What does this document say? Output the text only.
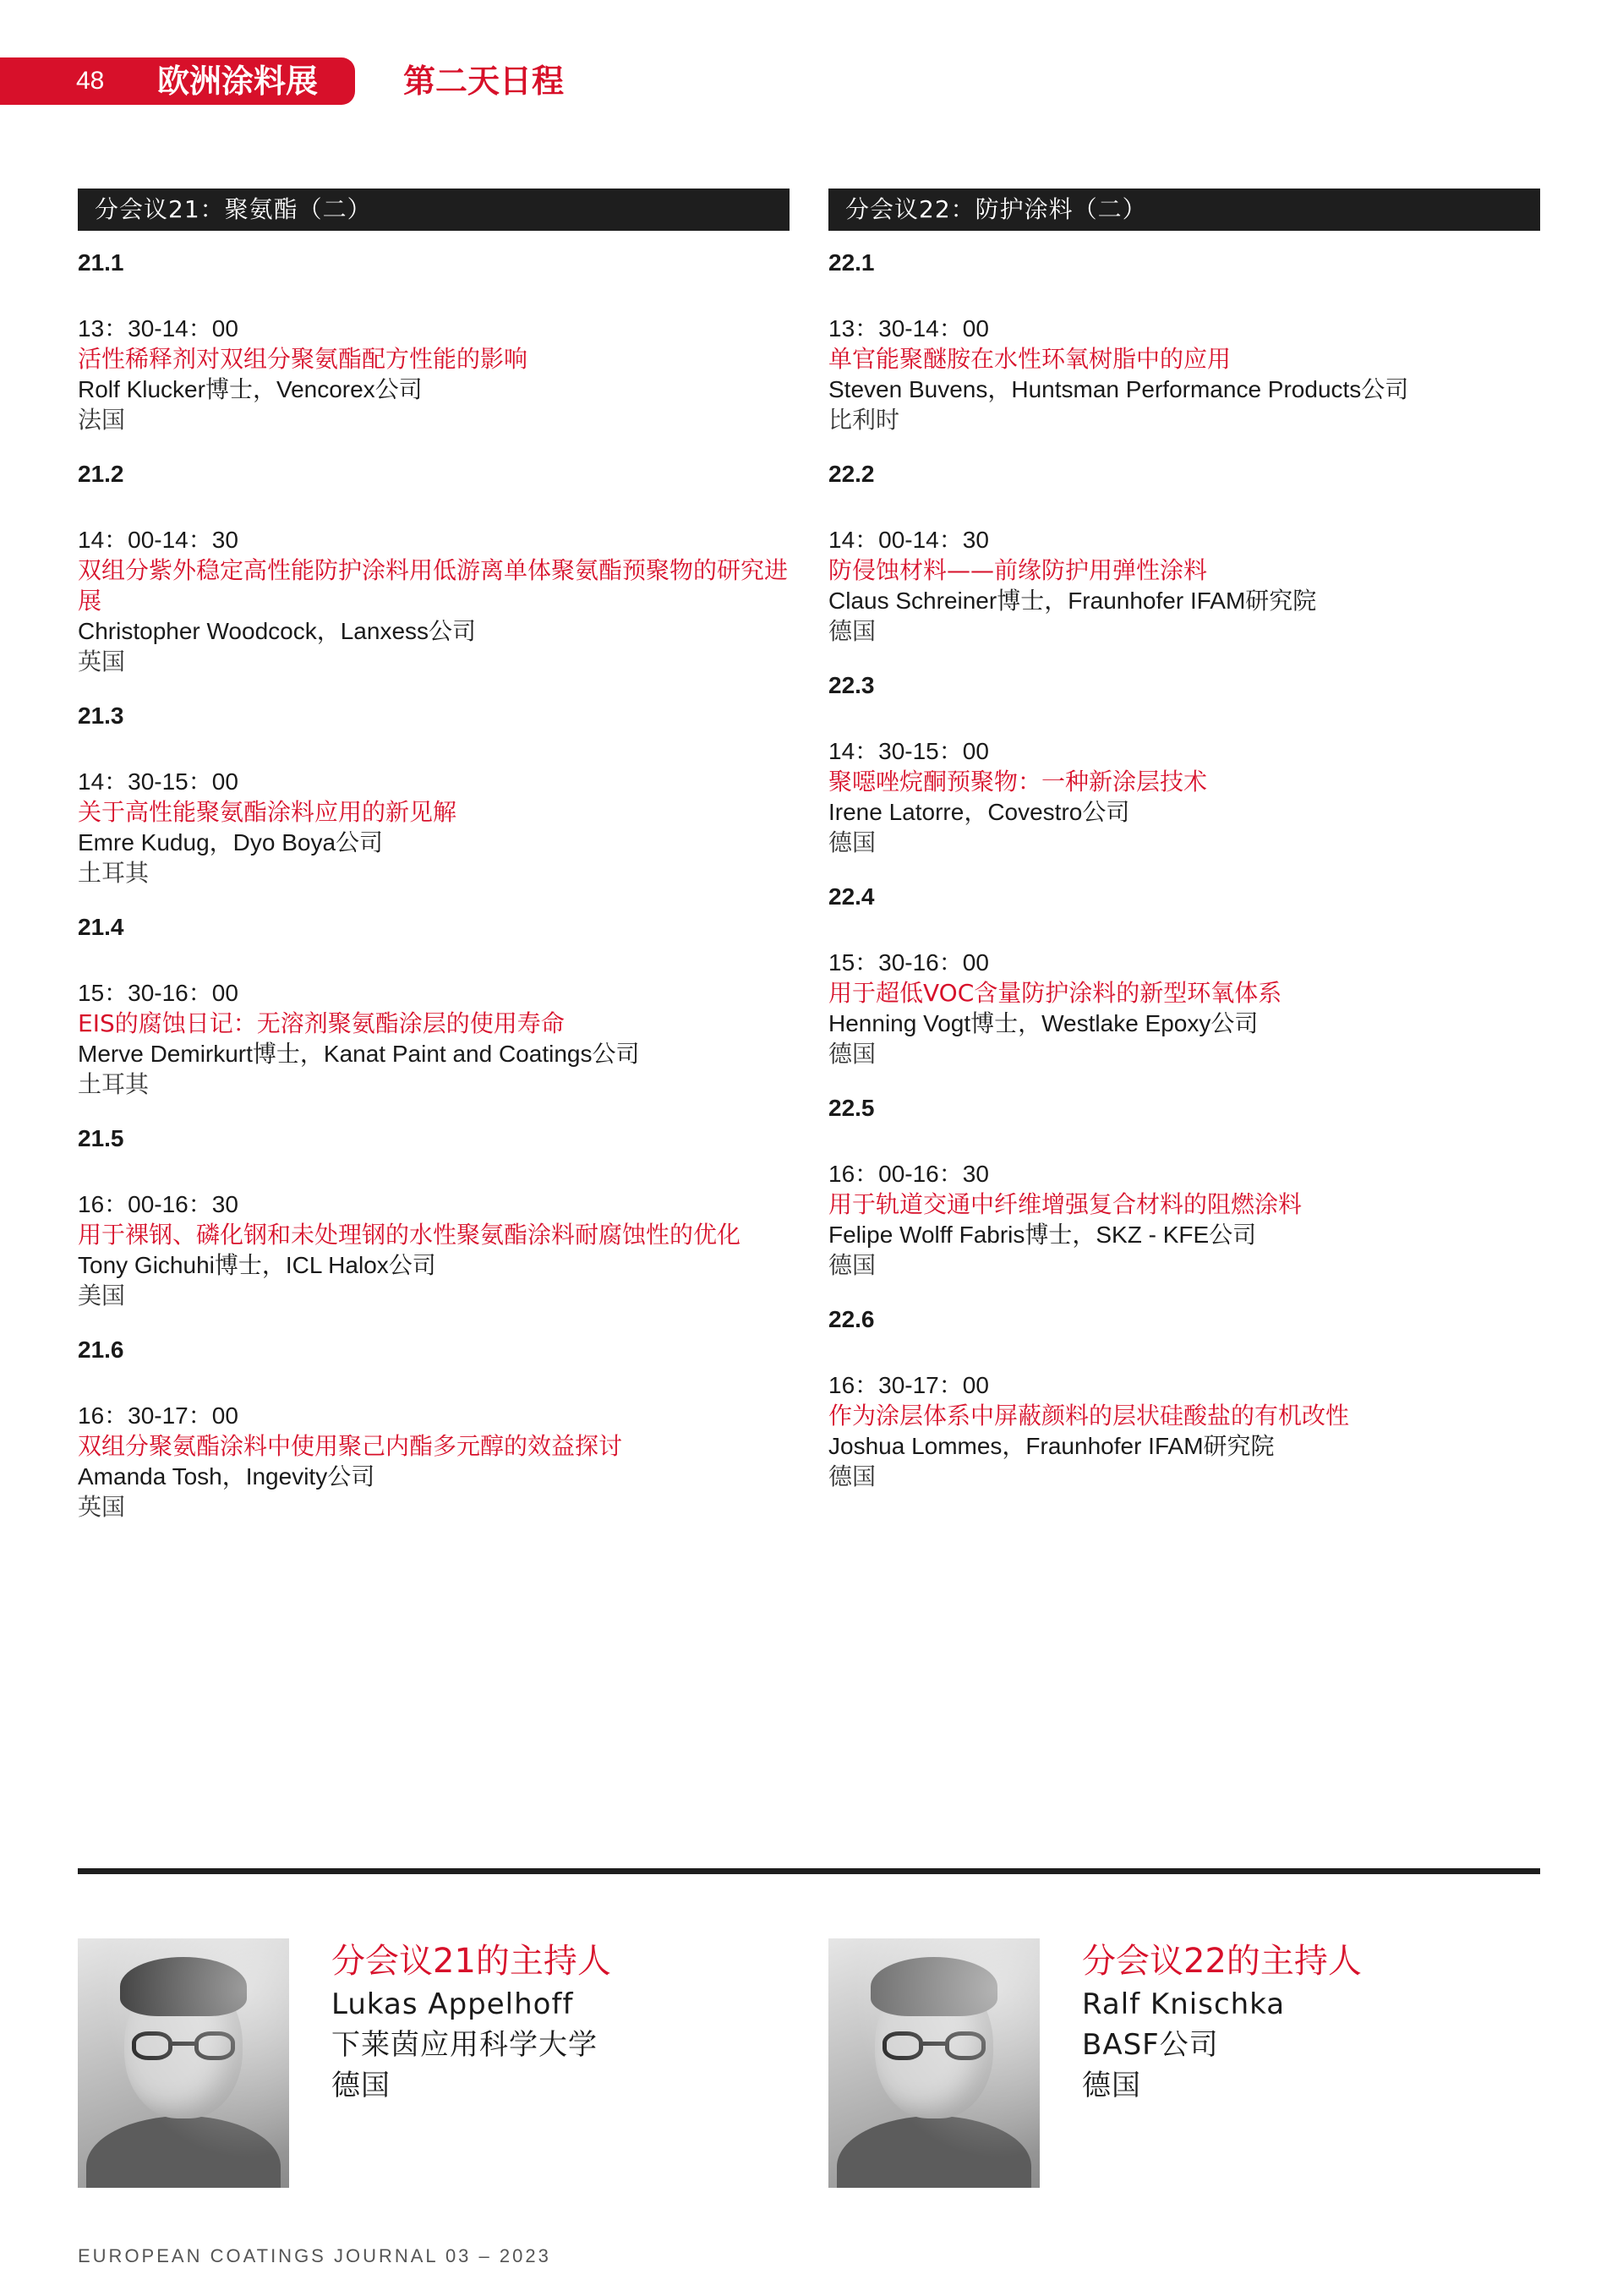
48 欧洲涂料展	第二天日程
分会议21：聚氨酯（二）
21.1
13：30-14：00
活性稀释剂对双组分聚氨酯配方性能的影响
Rolf Klucker博士，Vencorex公司
法国
21.2
14：00-14：30
双组分紫外稳定高性能防护涂料用低游离单体聚氨酯预聚物的研究进展
Christopher Woodcock，Lanxess公司
英国
21.3
14：30-15：00
关于高性能聚氨酯涂料应用的新见解
Emre Kudug，Dyo Boya公司
土耳其
21.4
15：30-16：00
EIS的腐蚀日记：无溶剂聚氨酯涂层的使用寿命
Merve Demirkurt博士，Kanat Paint and Coatings公司
土耳其
21.5
16：00-16：30
用于裸钢、磷化钢和未处理钢的水性聚氨酯涂料耐腐蚀性的优化
Tony Gichuhi博士，ICL Halox公司
美国
21.6
16：30-17：00
双组分聚氨酯涂料中使用聚己内酯多元醇的效益探讨
Amanda Tosh，Ingevity公司
英国
分会议22：防护涂料（二）
22.1
13：30-14：00
单官能聚醚胺在水性环氧树脂中的应用
Steven Buvens，Huntsman Performance Products公司
比利时
22.2
14：00-14：30
防侵蚀材料——前缘防护用弹性涂料
Claus Schreiner博士，Fraunhofer IFAM研究院
德国
22.3
14：30-15：00
聚噁唑烷酮预聚物：一种新涂层技术
Irene Latorre，Covestro公司
德国
22.4
15：30-16：00
用于超低VOC含量防护涂料的新型环氧体系
Henning Vogt博士，Westlake Epoxy公司
德国
22.5
16：00-16：30
用于轨道交通中纤维增强复合材料的阻燃涂料
Felipe Wolff Fabris博士，SKZ - KFE公司
德国
22.6
16：30-17：00
作为涂层体系中屏蔽颜料的层状硅酸盐的有机改性
Joshua Lommes，Fraunhofer IFAM研究院
德国
分会议21的主持人
Lukas Appelhoff
下莱茵应用科学大学
德国
分会议22的主持人
Ralf Knischka
BASF公司
德国
EUROPEAN COATINGS JOURNAL 03 – 2023
